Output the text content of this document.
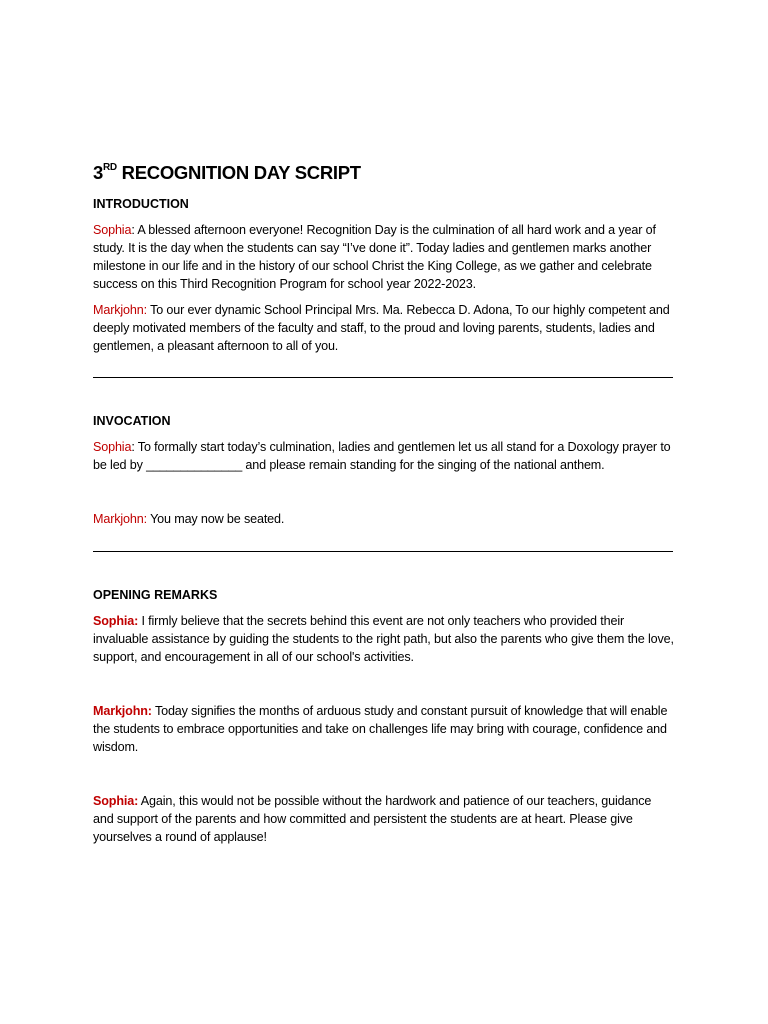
3RD RECOGNITION DAY SCRIPT
INTRODUCTION

Sophia: A blessed afternoon everyone! Recognition Day is the culmination of all hard work and a year of study. It is the day when the students can say “I’ve done it”. Today ladies and gentlemen marks another milestone in our life and in the history of our school Christ the King College, as we gather and celebrate success on this Third Recognition Program for school year 2022-2023.

Markjohn: To our ever dynamic School Principal Mrs. Ma. Rebecca D. Adona, To our highly competent and deeply motivated members of the faculty and staff, to the proud and loving parents, students, ladies and gentlemen, a pleasant afternoon to all of you.

INVOCATION

Sophia: To formally start today’s culmination, ladies and gentlemen let us all stand for a Doxology prayer to be led by ______________ and please remain standing for the singing of the national anthem.

Markjohn: You may now be seated.

OPENING REMARKS

Sophia: I firmly believe that the secrets behind this event are not only teachers who provided their invaluable assistance by guiding the students to the right path, but also the parents who give them the love, support, and encouragement in all of our school's activities.

Markjohn: Today signifies the months of arduous study and constant pursuit of knowledge that will enable the students to embrace opportunities and take on challenges life may bring with courage, confidence and wisdom.

Sophia: Again, this would not be possible without the hardwork and patience of our teachers, guidance and support of the parents and how committed and persistent the students are at heart. Please give yourselves a round of applause!
